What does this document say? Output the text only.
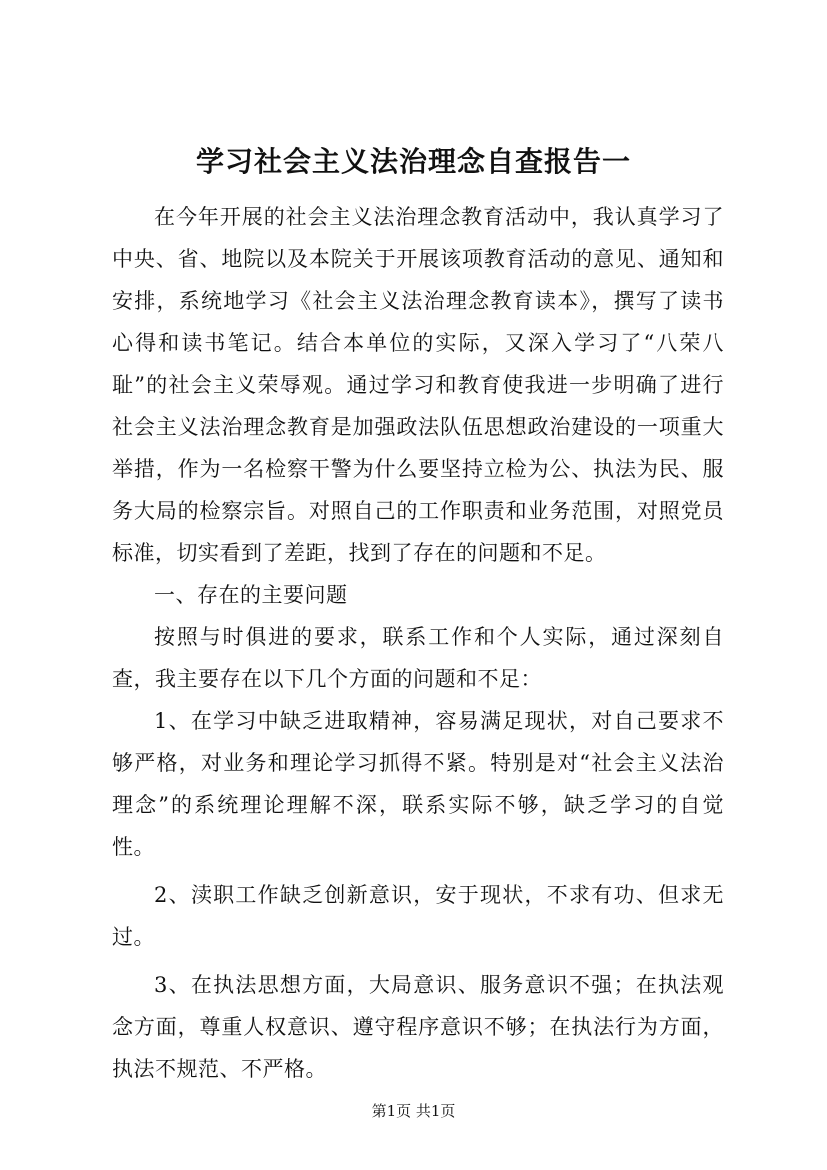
学习社会主义法治理念自查报告一

在今年开展的社会主义法治理念教育活动中，我认真学习了中央、省、地院以及本院关于开展该项教育活动的意见、通知和安排，系统地学习《社会主义法治理念教育读本》，撰写了读书心得和读书笔记。结合本单位的实际，又深入学习了“八荣八耻”的社会主义荣辱观。通过学习和教育使我进一步明确了进行社会主义法治理念教育是加强政法队伍思想政治建设的一项重大举措，作为一名检察干警为什么要坚持立检为公、执法为民、服务大局的检察宗旨。对照自己的工作职责和业务范围，对照党员标准，切实看到了差距，找到了存在的问题和不足。

一、存在的主要问题

按照与时俱进的要求，联系工作和个人实际，通过深刻自查，我主要存在以下几个方面的问题和不足：

1、在学习中缺乏进取精神，容易满足现状，对自己要求不够严格，对业务和理论学习抓得不紧。特别是对“社会主义法治理念”的系统理论理解不深，联系实际不够，缺乏学习的自觉性。

2、渎职工作缺乏创新意识，安于现状，不求有功、但求无过。

3、在执法思想方面，大局意识、服务意识不强；在执法观念方面，尊重人权意识、遵守程序意识不够；在执法行为方面，执法不规范、不严格。

第1页 共1页
